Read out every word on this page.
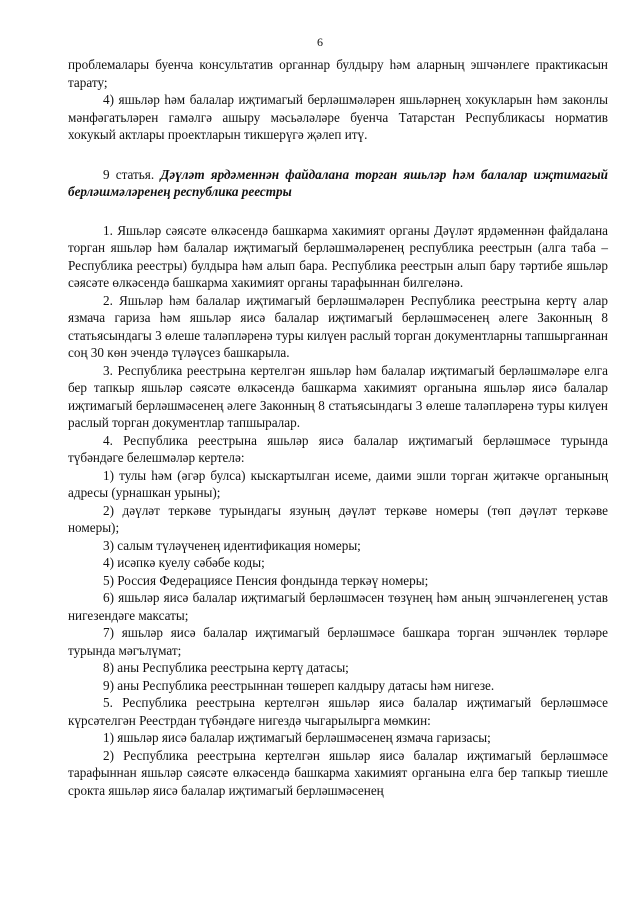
6

проблемалары буенча консультатив органнар булдыру һәм аларның эшчәнлеге практикасын тарату;

4) яшьләр һәм балалар иҗтимагый берләшмәләрен яшьләрнең хокукларын һәм законлы мәнфәгатьләрен гамәлгә ашыру мәсьәләләре буенча Татарстан Республикасы норматив хокукый актлары проектларын тикшерүгә җәлеп итү.

9 статья. Дәүләт ярдәменнән файдалана торган яшьләр һәм балалар иҗтимагый берләшмәләренең республика реестры

1. Яшьләр сәясәте өлкәсендә башкарма хакимият органы Дәүләт ярдәменнән файдалана торган яшьләр һәм балалар иҗтимагый берләшмәләренең республика реестрын (алга таба – Республика реестры) булдыра һәм алып бара. Республика реестрын алып бару тәртибе яшьләр сәясәте өлкәсендә башкарма хакимият органы тарафыннан билгеләнә.

2. Яшьләр һәм балалар иҗтимагый берләшмәләрен Республика реестрына кертү алар язмача гариза һәм яшьләр яисә балалар иҗтимагый берләшмәсенең әлеге Законның 8 статьясындагы 3 өлеше таләпләренә туры килүен раслый торган документларны тапшырганнан соң 30 көн эчендә түләүсез башкарыла.

3. Республика реестрына кертелгән яшьләр һәм балалар иҗтимагый берләшмәләре елга бер тапкыр яшьләр сәясәте өлкәсендә башкарма хакимият органына яшьләр яисә балалар иҗтимагый берләшмәсенең әлеге Законның 8 статьясындагы 3 өлеше таләпләренә туры килүен раслый торган документлар тапшыралар.

4. Республика реестрына яшьләр яисә балалар иҗтимагый берләшмәсе турында түбәндәге белешмәләр кертелә:

1) тулы һәм (әгәр булса) кыскартылган исеме, даими эшли торган җитәкче органының адресы (урнашкан урыны);

2) дәүләт теркәве турындагы язуның дәүләт теркәве номеры (төп дәүләт теркәве номеры);

3) салым түләүченең идентификация номеры;

4) исәпкә куелу сәбәбе коды;

5) Россия Федерациясе Пенсия фондында теркәү номеры;

6) яшьләр яисә балалар иҗтимагый берләшмәсен төзүнең һәм аның эшчәнлегенең устав нигезендәге максаты;

7) яшьләр яисә балалар иҗтимагый берләшмәсе башкара торган эшчәнлек төрләре турында мәгълүмат;

8) аны Республика реестрына кертү датасы;

9) аны Республика реестрыннан төшереп калдыру датасы һәм нигезе.

5. Республика реестрына кертелгән яшьләр яисә балалар иҗтимагый берләшмәсе күрсәтелгән Реестрдан түбәндәге нигездә чыгарылырга мөмкин:

1) яшьләр яисә балалар иҗтимагый берләшмәсенең язмача гаризасы;

2) Республика реестрына кертелгән яшьләр яисә балалар иҗтимагый берләшмәсе тарафыннан яшьләр сәясәте өлкәсендә башкарма хакимият органына елга бер тапкыр тиешле срокта яшьләр яисә балалар иҗтимагый берләшмәсенең
